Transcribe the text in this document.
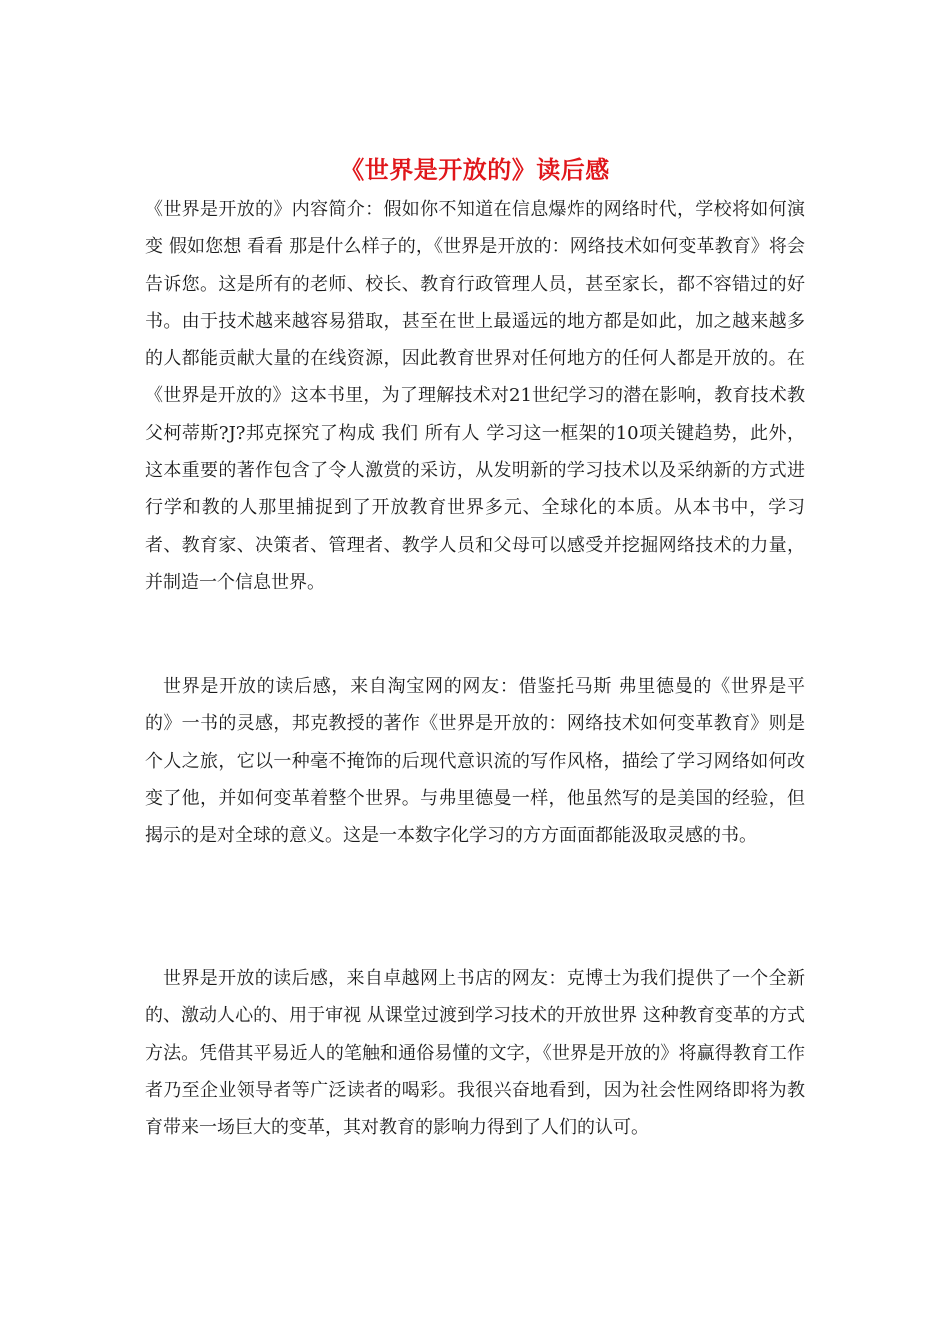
《世界是开放的》读后感

《世界是开放的》内容简介：假如你不知道在信息爆炸的网络时代，学校将如何演变 假如您想 看看 那是什么样子的，《世界是开放的：网络技术如何变革教育》将会告诉您。这是所有的老师、校长、教育行政管理人员，甚至家长，都不容错过的好书。由于技术越来越容易猎取，甚至在世上最遥远的地方都是如此，加之越来越多的人都能贡献大量的在线资源，因此教育世界对任何地方的任何人都是开放的。在《世界是开放的》这本书里，为了理解技术对21世纪学习的潜在影响，教育技术教父柯蒂斯?J?邦克探究了构成 我们 所有人 学习这一框架的10项关键趋势，此外，这本重要的著作包含了令人激赏的采访，从发明新的学习技术以及采纳新的方式进行学和教的人那里捕捉到了开放教育世界多元、全球化的本质。从本书中，学习者、教育家、决策者、管理者、教学人员和父母可以感受并挖掘网络技术的力量，并制造一个信息世界。

世界是开放的读后感，来自淘宝网的网友：借鉴托马斯 弗里德曼的《世界是平的》一书的灵感，邦克教授的著作《世界是开放的：网络技术如何变革教育》则是个人之旅，它以一种毫不掩饰的后现代意识流的写作风格，描绘了学习网络如何改变了他，并如何变革着整个世界。与弗里德曼一样，他虽然写的是美国的经验，但揭示的是对全球的意义。这是一本数字化学习的方方面面都能汲取灵感的书。

世界是开放的读后感，来自卓越网上书店的网友：克博士为我们提供了一个全新的、激动人心的、用于审视 从课堂过渡到学习技术的开放世界 这种教育变革的方式方法。凭借其平易近人的笔触和通俗易懂的文字，《世界是开放的》将赢得教育工作者乃至企业领导者等广泛读者的喝彩。我很兴奋地看到，因为社会性网络即将为教育带来一场巨大的变革，其对教育的影响力得到了人们的认可。
